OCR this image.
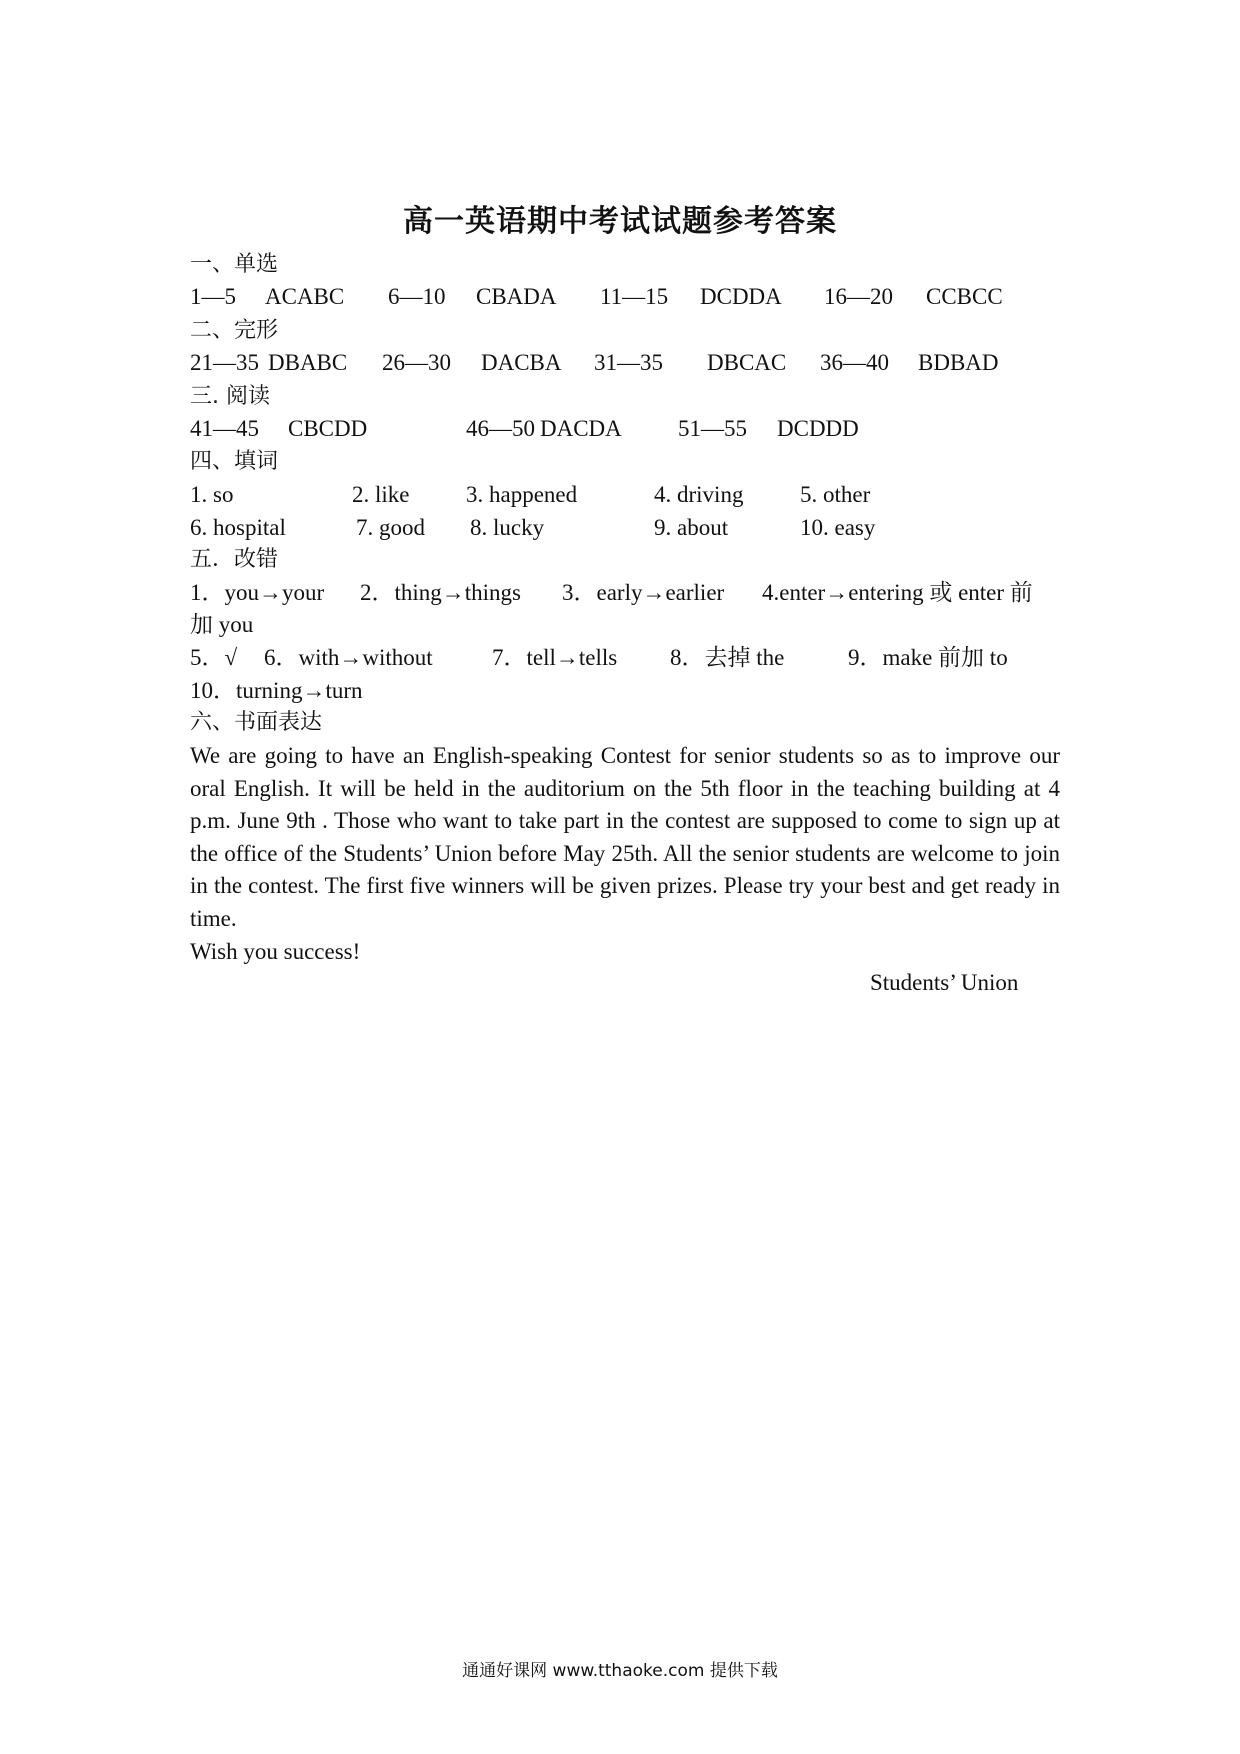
高一英语期中考试试题参考答案
一、单选
1—5 ACABC 6—10 CBADA 11—15 DCDDA 16—20 CCBCC
二、完形
21—35 DBABC 26—30 DACBA 31—35 DBCAC 36—40 BDBAD
三. 阅读
41—45 CBCDD	46—50 DACDA 51—55 DCDDD
四、填词
1. so	2. like 3. happened	4. driving 5. other
6. hospital	7. good 8. lucky	9. about	10. easy
五．改错
1．you→your 2．thing→things 3．early→earlier 4.enter→entering 或 enter 前
加 you
5．√ 6．with→without	7．tell→tells 8．去掉 the	9．make 前加 to
10．turning→turn
六、书面表达

We are going to have an English-speaking Contest for senior students so as to improve our oral English. It will be held in the auditorium on the 5th floor in the teaching building at 4 p.m. June 9th . Those who want to take part in the contest are supposed to come to sign up at the office of the Students’ Union before May 25th. All the senior students are welcome to join in the contest. The first five winners will be given prizes. Please try your best and get ready in time.

Wish you success!

Students’ Union
通通好课网 www.tthaoke.com 提供下载
